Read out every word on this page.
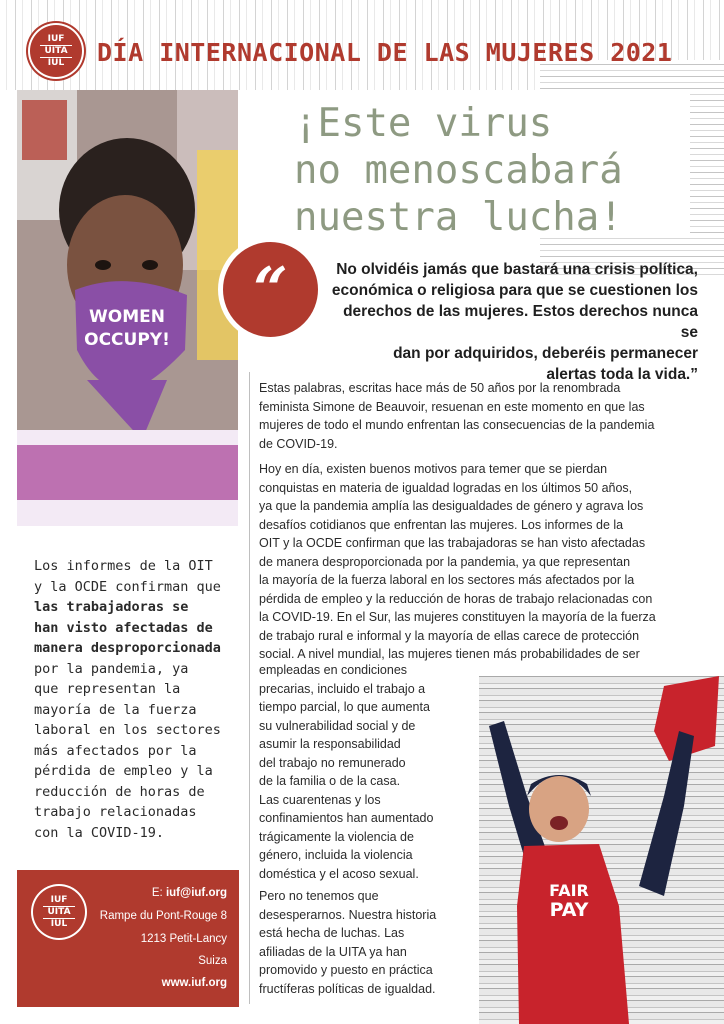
IUF
UITA
IUL DÍA INTERNACIONAL DE LAS MUJERES 2021
WOMEN
OCCUPY!
¡Este virus
no menoscabará
nuestra lucha!
“	No olvidéis jamás que bastará una crisis política,
económica o religiosa para que se cuestionen los
derechos de las mujeres. Estos derechos nunca se
dan por adquiridos, deberéis permanecer
alertas toda la vida.”
Estas palabras, escritas hace más de 50 años por la renombrada
feminista Simone de Beauvoir, resuenan en este momento en que las
mujeres de todo el mundo enfrentan las consecuencias de la pandemia
de COVID-19.
Hoy en día, existen buenos motivos para temer que se pierdan
conquistas en materia de igualdad logradas en los últimos 50 años,
ya que la pandemia amplía las desigualdades de género y agrava los
desafíos cotidianos que enfrentan las mujeres. Los informes de la
OIT y la OCDE confirman que las trabajadoras se han visto afectadas
de manera desproporcionada por la pandemia, ya que representan
la mayoría de la fuerza laboral en los sectores más afectados por la
pérdida de empleo y la reducción de horas de trabajo relacionadas con
la COVID-19. En el Sur, las mujeres constituyen la mayoría de la fuerza
de trabajo rural e informal y la mayoría de ellas carece de protección
social. A nivel mundial, las mujeres tienen más probabilidades de ser
empleadas en condiciones
precarias, incluido el trabajo a
tiempo parcial, lo que aumenta
su vulnerabilidad social y de
asumir la responsabilidad
del trabajo no remunerado
de la familia o de la casa.
Las cuarentenas y los
confinamientos han aumentado
trágicamente la violencia de
género, incluida la violencia
doméstica y el acoso sexual.
Pero no tenemos que
desesperarnos. Nuestra historia
está hecha de luchas. Las
afiliadas de la UITA ya han
promovido y puesto en práctica
fructíferas políticas de igualdad.
Los informes de la OIT
y la OCDE confirman que
las trabajadoras se
han visto afectadas de
manera desproporcionada
por la pandemia, ya
que representan la
mayoría de la fuerza
laboral en los sectores
más afectados por la
pérdida de empleo y la
reducción de horas de
trabajo relacionadas
con la COVID-19.
IUF
UITA
IUL
E: iuf@iuf.org
Rampe du Pont-Rouge 8
1213 Petit-Lancy
Suiza
www.iuf.org
FAIR
PAY
